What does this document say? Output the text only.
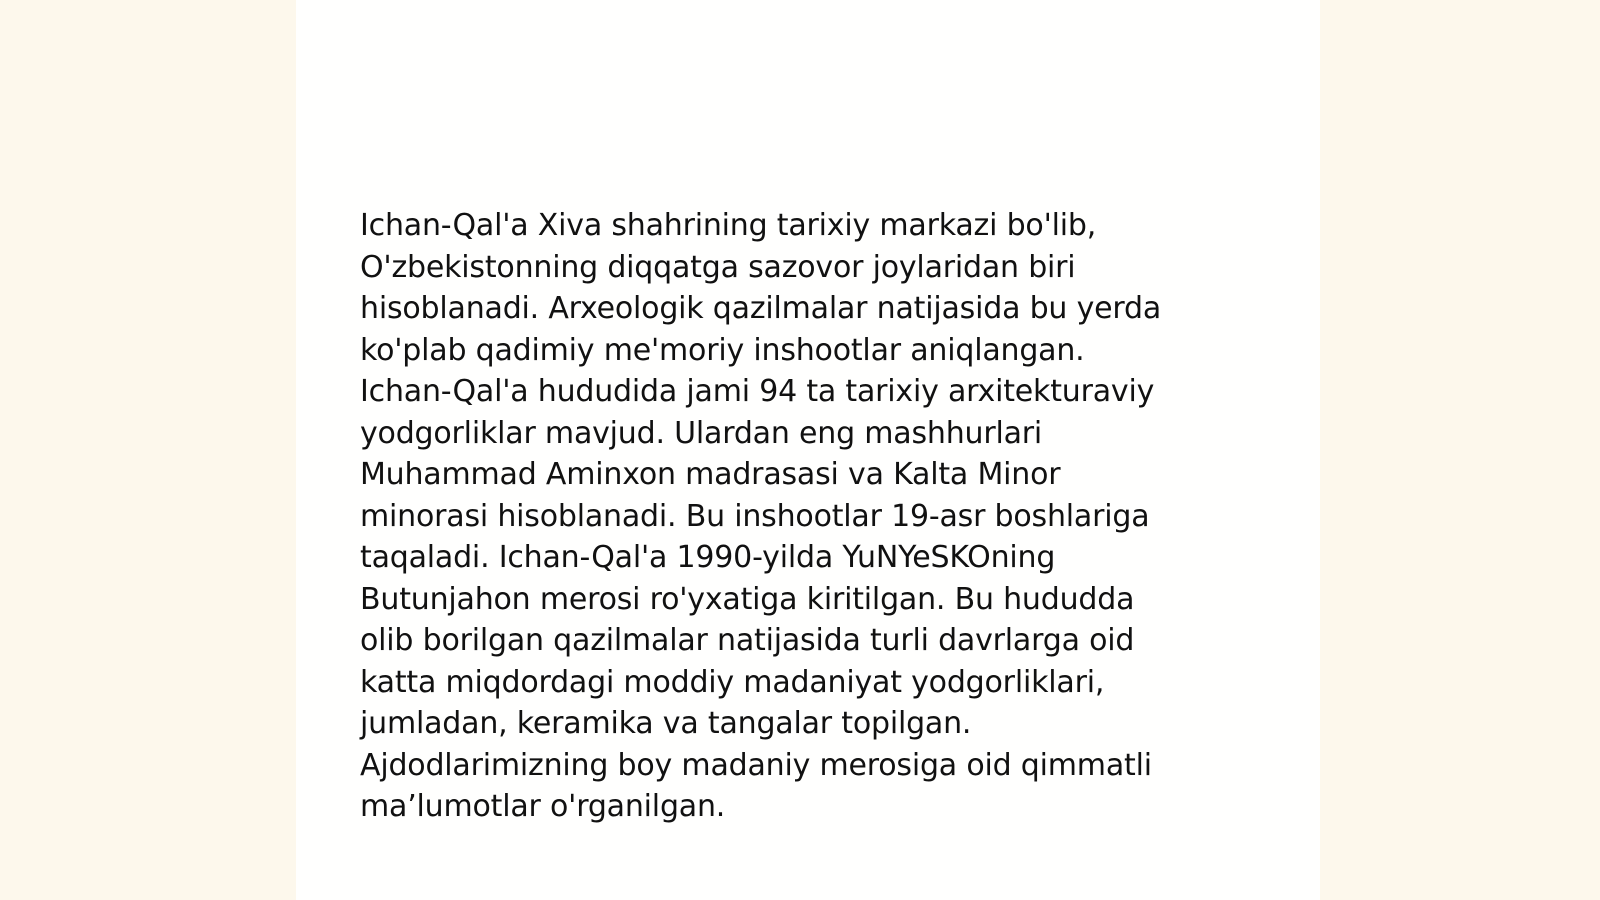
Ichan-Qal'a Xiva shahrining tarixiy markazi bo'lib,
O'zbekistonning diqqatga sazovor joylaridan biri
hisoblanadi. Arxeologik qazilmalar natijasida bu yerda
ko'plab qadimiy me'moriy inshootlar aniqlangan.
Ichan-Qal'a hududida jami 94 ta tarixiy arxitekturaviy
yodgorliklar mavjud. Ulardan eng mashhurlari
Muhammad Aminxon madrasasi va Kalta Minor
minorasi hisoblanadi. Bu inshootlar 19-asr boshlariga
taqaladi. Ichan-Qal'a 1990-yilda YuNYeSKOning
Butunjahon merosi ro'yxatiga kiritilgan. Bu hududda
olib borilgan qazilmalar natijasida turli davrlarga oid
katta miqdordagi moddiy madaniyat yodgorliklari,
jumladan, keramika va tangalar topilgan.
Ajdodlarimizning boy madaniy merosiga oid qimmatli
ma’lumotlar o'rganilgan.
